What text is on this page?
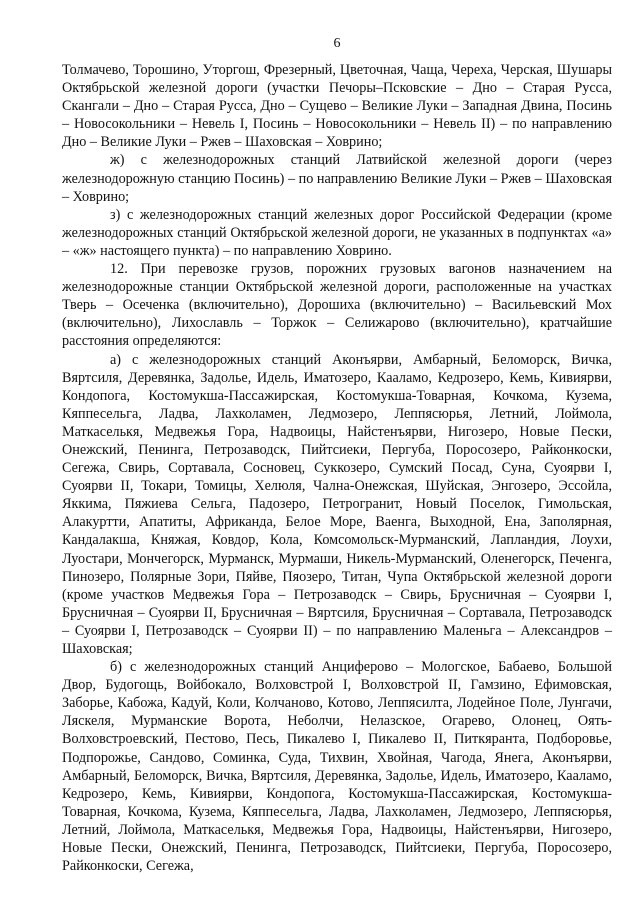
6

Толмачево, Торошино, Уторгош, Фрезерный, Цветочная, Чаща, Череха, Черская, Шушары Октябрьской железной дороги (участки Печоры–Псковские – Дно – Старая Русса, Скангали – Дно – Старая Русса, Дно – Сущево – Великие Луки – Западная Двина, Посинь – Новосокольники – Невель I, Посинь – Новосокольники – Невель II) – по направлению Дно – Великие Луки – Ржев – Шаховская – Ховрино;

ж) с железнодорожных станций Латвийской железной дороги (через железнодорожную станцию Посинь) – по направлению Великие Луки – Ржев – Шаховская – Ховрино;

з) с железнодорожных станций железных дорог Российской Федерации (кроме железнодорожных станций Октябрьской железной дороги, не указанных в подпунктах «а» – «ж» настоящего пункта) – по направлению Ховрино.

12. При перевозке грузов, порожних грузовых вагонов назначением на железнодорожные станции Октябрьской железной дороги, расположенные на участках Тверь – Осеченка (включительно), Дорошиха (включительно) – Васильевский Мох (включительно), Лихославль – Торжок – Селижарово (включительно), кратчайшие расстояния определяются:

а) с железнодорожных станций Аконъярви, Амбарный, Беломорск, Вичка, Вяртсиля, Деревянка, Задолье, Идель, Иматозеро, Кааламо, Кедрозеро, Кемь, Кивиярви, Кондопога, Костомукша-Пассажирская, Костомукша-Товарная, Кочкома, Кузема, Кяппесельга, Ладва, Лахколамен, Ледмозеро, Леппясюрья, Летний, Лоймола, Маткаселькя, Медвежья Гора, Надвоицы, Найстенъярви, Нигозеро, Новые Пески, Онежский, Пенинга, Петрозаводск, Пийтсиеки, Пергуба, Поросозеро, Райконкоски, Сегежа, Свирь, Сортавала, Сосновец, Суккозеро, Сумский Посад, Суна, Суоярви I, Суоярви II, Токари, Томицы, Хелюля, Чална-Онежская, Шуйская, Энгозеро, Эссойла, Яккима, Пяжиева Сельга, Падозеро, Петрогранит, Новый Поселок, Гимольская, Алакуртти, Апатиты, Африканда, Белое Море, Ваенга, Выходной, Ена, Заполярная, Кандалакша, Княжая, Ковдор, Кола, Комсомольск-Мурманский, Лапландия, Лоухи, Луостари, Мончегорск, Мурманск, Мурмаши, Никель-Мурманский, Оленегорск, Печенга, Пинозеро, Полярные Зори, Пяйве, Пяозеро, Титан, Чупа Октябрьской железной дороги (кроме участков Медвежья Гора – Петрозаводск – Свирь, Брусничная – Суоярви I, Брусничная – Суоярви II, Брусничная – Вяртсиля, Брусничная – Сортавала, Петрозаводск – Суоярви I, Петрозаводск – Суоярви II) – по направлению Маленьга – Александров – Шаховская;

б) с железнодорожных станций Анциферово – Мологское, Бабаево, Большой Двор, Будогощь, Войбокало, Волховстрой I, Волховстрой II, Гамзино, Ефимовская, Заборье, Кабожа, Кадуй, Коли, Колчаново, Котово, Леппясилта, Лодейное Поле, Лунгачи, Ляскеля, Мурманские Ворота, Неболчи, Нелазское, Огарево, Олонец, Оять-Волховстроевский, Пестово, Песь, Пикалево I, Пикалево II, Питкяранта, Подборовье, Подпорожье, Сандово, Соминка, Суда, Тихвин, Хвойная, Чагода, Янега, Аконъярви, Амбарный, Беломорск, Вичка, Вяртсиля, Деревянка, Задолье, Идель, Иматозеро, Кааламо, Кедрозеро, Кемь, Кивиярви, Кондопога, Костомукша-Пассажирская, Костомукша-Товарная, Кочкома, Кузема, Кяппесельга, Ладва, Лахколамен, Ледмозеро, Леппясюрья, Летний, Лоймола, Маткаселькя, Медвежья Гора, Надвоицы, Найстенъярви, Нигозеро, Новые Пески, Онежский, Пенинга, Петрозаводск, Пийтсиеки, Пергуба, Поросозеро, Райконкоски, Сегежа,
